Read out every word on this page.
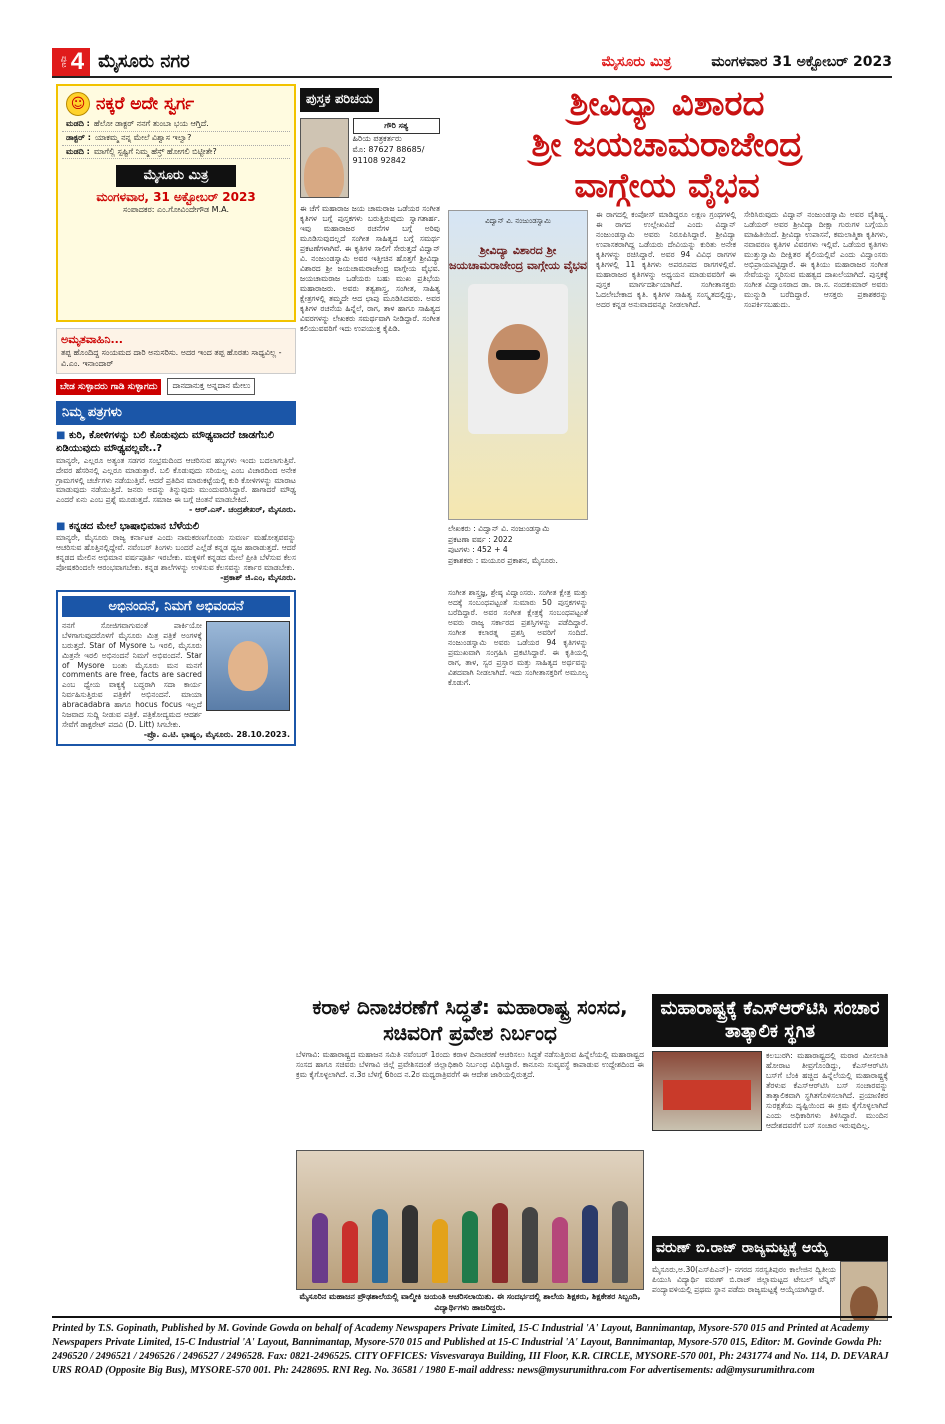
ಪುಟ 4 ಮೈಸೂರು ನಗರ	ಮೈಸೂರು ಮಿತ್ರ	ಮಂಗಳವಾರ 31 ಅಕ್ಟೋಬರ್ 2023
☺ ನಕ್ಕರೆ ಅದೇ ಸ್ವರ್ಗ
ಮಡದಿ : ಹೆಲೋ ಡಾಕ್ಟರ್ ನನಗೆ ತುಂಬಾ ಭಯ ಆಗ್ತಿದೆ.
ಡಾಕ್ಟರ್ : ಯಾಕಮ್ಮ ನನ್ನ ಮೇಲೆ ವಿಶ್ವಾಸ ಇಲ್ವಾ?
ಮಡದಿ : ಮಾಗೆಲ್ಲಿ ಸ್ಪಷ್ಟಿಗೆ ನಿಮ್ಮ ಹೆಸ್ರ್ ಹೋಗಲಿ ಬಿಟ್ಟೀತೇ?
ಮೈಸೂರು ಮಿತ್ರ
ಮಂಗಳವಾರ, 31 ಅಕ್ಟೋಬರ್ 2023
ಸಂಪಾದಕರ: ಎಂ.ಗೋವಿಂದೇಗೌಡ M.A.
ಅಮೃತವಾಹಿನಿ...
ತಪ್ಪ ಹೊಂದಿದ್ದ ಸಂಯಮದ ದಾರಿ ಅನುಸರಿಸು. ಅದರ ಇಂದ ತಪ್ಪ ಹೊರತು ಸಾಧ್ಯವಿಲ್ಲ - ವಿ.ಎಂ. ಇನಾಂದಾರ್
ಬೇಡ ಸುಳ್ಳಾದರು ಗಾಡಿ ಸುಳ್ಳಾಗದು	ದಾನದಾನುಕ್ತ ಅನ್ನದಾನ ಮೇಲು
ನಿಮ್ಮ ಪತ್ರಗಳು
■ ಕುರಿ, ಕೋಳಿಗಳನ್ನು ಬಲಿ ಕೊಡುವುದು ಮೌಢ್ಯವಾದರೆ ಜಾಡಗೆಬಲಿ ಏಡಿಯುವುದು ಮೌಢ್ಯವಲ್ಲವೇ..?
ಮಾನ್ಯರೇ, ಎಲ್ಲರೂ ಅತ್ಯಂತ ಸಡಗರ ಸಂಭ್ರಮದಿಂದ ಆಚರಿಸುವ ಹಬ್ಬಗಳು ಇಂದು ಬದಲಾಗುತ್ತಿವೆ. ದೇವರ ಹೆಸರಿನಲ್ಲಿ ಎಲ್ಲರೂ ಮಾಡುತ್ತಾರೆ. ಬಲಿ ಕೊಡುವುದು ಸರಿಯಲ್ಲ ಎಂಬ ವಿಚಾರದಿಂದ ಅನೇಕ ಗ್ರಾಮಗಳಲ್ಲಿ ಚರ್ಚೆಗಳು ನಡೆಯುತ್ತಿವೆ. ಆದರೆ ಪ್ರತಿದಿನ ಮಾರುಕಟ್ಟೆಯಲ್ಲಿ ಕುರಿ ಕೋಳಿಗಳನ್ನು ಮಾರಾಟ ಮಾಡುವುದು ನಡೆಯುತ್ತಿದೆ. ಜನರು ಅದನ್ನು ತಿನ್ನುವುದು ಮುಂದುವರಿಸಿದ್ದಾರೆ. ಹಾಗಾದರೆ ಮೌಢ್ಯ ಎಂದರೆ ಏನು ಎಂಬ ಪ್ರಶ್ನೆ ಮೂಡುತ್ತದೆ. ಸಮಾಜ ಈ ಬಗ್ಗೆ ಚಿಂತನೆ ಮಾಡಬೇಕಿದೆ.
- ಆರ್.ಎಸ್. ಚಂದ್ರಶೇಖರ್, ಮೈಸೂರು.
■ ಕನ್ನಡದ ಮೇಲೆ ಭಾಷಾಭಿಮಾನ ಬೆಳೆಯಲಿ
ಮಾನ್ಯರೇ, ಮೈಸೂರು ರಾಜ್ಯ ಕರ್ನಾಟಕ ಎಂದು ನಾಮಕರಣಗೊಂಡು ಸುವರ್ಣ ಮಹೋತ್ಸವವನ್ನು ಆಚರಿಸುವ ಹೊತ್ತಿನಲ್ಲಿದ್ದೇವೆ. ನವೆಂಬರ್ ತಿಂಗಳು ಬಂದರೆ ಎಲ್ಲೆಡೆ ಕನ್ನಡ ಧ್ವಜ ಹಾರಾಡುತ್ತದೆ. ಆದರೆ ಕನ್ನಡದ ಮೇಲಿನ ಅಭಿಮಾನ ವರ್ಷಪೂರ್ತಿ ಇರಬೇಕು. ಮಕ್ಕಳಿಗೆ ಕನ್ನಡದ ಮೇಲೆ ಪ್ರೀತಿ ಬೆಳೆಸುವ ಕೆಲಸ ಪೋಷಕರಿಂದಲೇ ಆರಂಭವಾಗಬೇಕು. ಕನ್ನಡ ಶಾಲೆಗಳನ್ನು ಉಳಿಸುವ ಕೆಲಸವನ್ನು ಸರ್ಕಾರ ಮಾಡಬೇಕು.
-ಪ್ರಕಾಶ್ ಜಿ.ಎಂ, ಮೈಸೂರು.
ಅಭಿನಂದನೆ, ನಿಮಗೆ ಅಭಿವಂದನೆ
ನನಗೆ ಸೋಜಿಗವಾಗುವಂತೆ ಪಾರ್ಕಿಯೋ ಬೆಳಗಾಗುವುದರೊಳಗೆ ಮೈಸೂರು ಮಿತ್ರ ಪತ್ರಿಕೆ ಅಂಗಳಕ್ಕೆ ಬರುತ್ತದೆ. Star of Mysore ಓ ಇರಲಿ, ಮೈಸೂರು ಮಿತ್ರನೇ ಇರಲಿ ಅಭಿನಂದನೆ ನಿಮಗೆ ಅಭಿವಂದನೆ. Star of Mysore ಬಂತು ಮೈಸೂರು ಮನ ಮನಗೆ comments are free, facts are sacred ಎಂಬ ಧ್ಯೇಯ ವಾಕ್ಯಕ್ಕೆ ಬದ್ಧರಾಗಿ ಸದಾ ಕಾರ್ಯ ನಿರ್ವಹಿಸುತ್ತಿರುವ ಪತ್ರಿಕೆಗೆ ಅಭಿನಂದನೆ. ಮಾಯಾ abracadabra ಹಾಗೂ hocus focus ಇಲ್ಲದೆ ನಿಜವಾದ ಸುದ್ದಿ ನೀಡುವ ಪತ್ರಿಕೆ. ಪತ್ರಿಕೋದ್ಯಮದ ಆದರ್ಶ ಸೇವೆಗೆ ಡಾಕ್ಟರೇಟ್ ಪದವಿ (D. Litt) ಸಿಗಬೇಕು.
-ಪ್ರೊ. ಎ.ಟಿ. ಭಾಷ್ಯಂ, ಮೈಸೂರು. 28.10.2023.
ಪುಸ್ತಕ ಪರಿಚಯ
ಗೌರಿ ಸತ್ಯ
ಹಿರಿಯ ಪತ್ರಕರ್ತರು
ಮೊ: 87627 88685/ 91108 92842
ಈ ಚೆಗೆ ಮಹಾರಾಜ ಜಯ ಚಾಮರಾಜ ಒಡೆಯರ ಸಂಗೀತ ಕೃತಿಗಳ ಬಗ್ಗೆ ಪುಸ್ತಕಗಳು ಬರುತ್ತಿರುವುದು ಸ್ವಾಗತಾರ್ಹ. ಇವು ಮಹಾರಾಜರ ರಚನೆಗಳ ಬಗ್ಗೆ ಅರಿವು ಮೂಡಿಸುವುದಲ್ಲದೆ ಸಂಗೀತ ಸಾಹಿತ್ಯದ ಬಗ್ಗೆ ಸಮರ್ಥ ಪ್ರಕಟಣೆಗಳಾಗಿವೆ. ಈ ಕೃತಿಗಳ ಸಾಲಿಗೆ ಸೇರುತ್ತದೆ ವಿದ್ವಾನ್ ವಿ. ನಂಜುಂಡಸ್ವಾಮಿ ಅವರ ಇತ್ತೀಚಿನ ಹೊತ್ತಗೆ ಶ್ರೀವಿದ್ಯಾ ವಿಶಾರದ ಶ್ರೀ ಜಯಚಾಮರಾಜೇಂದ್ರ ವಾಗ್ಗೇಯ ವೈಭವ. ಜಯಚಾಮರಾಜ ಒಡೆಯರು ಬಹು ಮುಖ ಪ್ರತಿಭೆಯ ಮಹಾರಾಜರು. ಅವರು ತತ್ವಶಾಸ್ತ್ರ, ಸಂಗೀತ, ಸಾಹಿತ್ಯ ಕ್ಷೇತ್ರಗಳಲ್ಲಿ ತಮ್ಮದೇ ಆದ ಛಾಪು ಮೂಡಿಸಿದವರು. ಅವರ ಕೃತಿಗಳ ರಚನೆಯ ಹಿನ್ನೆಲೆ, ರಾಗ, ತಾಳ ಹಾಗೂ ಸಾಹಿತ್ಯದ ವಿವರಗಳನ್ನು ಲೇಖಕರು ಸಮರ್ಥವಾಗಿ ನೀಡಿದ್ದಾರೆ. ಸಂಗೀತ ಕಲಿಯುವವರಿಗೆ ಇದು ಉಪಯುಕ್ತ ಕೈಪಿಡಿ.
ಶ್ರೀವಿದ್ಯಾ ವಿಶಾರದ
ಶ್ರೀ ಜಯಚಾಮರಾಜೇಂದ್ರ
ವಾಗ್ಗೇಯ ವೈಭವ
ವಿದ್ವಾನ್ ವಿ. ನಂಜುಂಡಸ್ವಾಮಿ
ಶ್ರೀವಿದ್ಯಾ ವಿಶಾರದ ಶ್ರೀ ಜಯಚಾಮರಾಜೇಂದ್ರ ವಾಗ್ಗೇಯ ವೈಭವ
ಲೇಖಕರು : ವಿದ್ವಾನ್ ವಿ. ನಂಜುಂಡಸ್ವಾಮಿ
ಪ್ರಕಟಣಾ ವರ್ಷ : 2022
ಪುಟಗಳು : 452 + 4
ಪ್ರಕಾಶಕರು : ಮಯೂರ ಪ್ರಕಾಶನ, ಮೈಸೂರು.
ಸಂಗೀತ ಶಾಸ್ತ್ರಜ್ಞ, ಶ್ರೇಷ್ಠ ವಿದ್ವಾಂಸರು. ಸಂಗೀತ ಕ್ಷೇತ್ರ ಮತ್ತು ಅದಕ್ಕೆ ಸಂಬಂಧಪಟ್ಟಂತೆ ಸುಮಾರು 50 ಪುಸ್ತಕಗಳನ್ನು ಬರೆದಿದ್ದಾರೆ. ಅವರ ಸಂಗೀತ ಕ್ಷೇತ್ರಕ್ಕೆ ಸಂಬಂಧಪಟ್ಟಂತೆ ಅವರು ರಾಜ್ಯ ಸರ್ಕಾರದ ಪ್ರಶಸ್ತಿಗಳನ್ನು ಪಡೆದಿದ್ದಾರೆ. ಸಂಗೀತ ಕಲಾರತ್ನ ಪ್ರಶಸ್ತಿ ಅವರಿಗೆ ಸಂದಿದೆ. ನಂಜುಂಡಸ್ವಾಮಿ ಅವರು ಒಡೆಯರ 94 ಕೃತಿಗಳನ್ನು ಪ್ರಮುಖವಾಗಿ ಸಂಗ್ರಹಿಸಿ ಪ್ರಕಟಿಸಿದ್ದಾರೆ. ಈ ಕೃತಿಯಲ್ಲಿ ರಾಗ, ತಾಳ, ಸ್ವರ ಪ್ರಸ್ತಾರ ಮತ್ತು ಸಾಹಿತ್ಯದ ಅರ್ಥವನ್ನು ವಿಶದವಾಗಿ ನೀಡಲಾಗಿದೆ. ಇದು ಸಂಗೀತಾಸಕ್ತರಿಗೆ ಅಮೂಲ್ಯ ಕೊಡುಗೆ.
ಈ ರಾಗದಲ್ಲಿ ಕಂಪೋಸ್ ಮಾಡಿದ್ದರೂ ಲಕ್ಷಣ ಗ್ರಂಥಗಳಲ್ಲಿ ಈ ರಾಗದ ಉಲ್ಲೇಖವಿದೆ ಎಂದು ವಿದ್ವಾನ್ ನಂಜುಂಡಸ್ವಾಮಿ ಅವರು ನಿರೂಪಿಸಿದ್ದಾರೆ. ಶ್ರೀವಿದ್ಯಾ ಉಪಾಸಕರಾಗಿದ್ದ ಒಡೆಯರು ದೇವಿಯನ್ನು ಕುರಿತು ಅನೇಕ ಕೃತಿಗಳನ್ನು ರಚಿಸಿದ್ದಾರೆ. ಅವರ 94 ವಿವಿಧ ರಾಗಗಳ ಕೃತಿಗಳಲ್ಲಿ 11 ಕೃತಿಗಳು ಅಪರೂಪದ ರಾಗಗಳಲ್ಲಿವೆ. ಮಹಾರಾಜರ ಕೃತಿಗಳನ್ನು ಅಧ್ಯಯನ ಮಾಡುವವರಿಗೆ ಈ ಪುಸ್ತಕ ಮಾರ್ಗದರ್ಶಿಯಾಗಿದೆ. ಸಂಗೀತಾಸಕ್ತರು ಓದಲೇಬೇಕಾದ ಕೃತಿ. ಕೃತಿಗಳ ಸಾಹಿತ್ಯ ಸಂಸ್ಕೃತದಲ್ಲಿದ್ದು, ಅದರ ಕನ್ನಡ ಅನುವಾದವನ್ನೂ ನೀಡಲಾಗಿದೆ.
ಸೇರಿಸಿರುವುದು ವಿದ್ವಾನ್ ನಂಜುಂಡಸ್ವಾಮಿ ಅವರ ವೈಶಿಷ್ಟ್ಯ. ಒಡೆಯರ್ ಅವರ ಶ್ರೀವಿದ್ಯಾ ದೀಕ್ಷಾ ಗುರುಗಳ ಬಗ್ಗೆಯೂ ಮಾಹಿತಿಯಿದೆ. ಶ್ರೀವಿದ್ಯಾ ಉಪಾಸನೆ, ಕಮಲಾತ್ಮಿಕಾ ಕೃತಿಗಳು, ನವಾವರಣ ಕೃತಿಗಳ ವಿವರಗಳು ಇಲ್ಲಿವೆ. ಒಡೆಯರ ಕೃತಿಗಳು ಮುತ್ತುಸ್ವಾಮಿ ದೀಕ್ಷಿತರ ಶೈಲಿಯಲ್ಲಿವೆ ಎಂದು ವಿದ್ವಾಂಸರು ಅಭಿಪ್ರಾಯಪಟ್ಟಿದ್ದಾರೆ. ಈ ಕೃತಿಯು ಮಹಾರಾಜರ ಸಂಗೀತ ಸೇವೆಯನ್ನು ಸ್ಮರಿಸುವ ಮಹತ್ವದ ದಾಖಲೆಯಾಗಿದೆ. ಪುಸ್ತಕಕ್ಕೆ ಸಂಗೀತ ವಿದ್ವಾಂಸರಾದ ಡಾ. ರಾ.ಸ. ನಂದಕುಮಾರ್ ಅವರು ಮುನ್ನುಡಿ ಬರೆದಿದ್ದಾರೆ. ಆಸಕ್ತರು ಪ್ರಕಾಶಕರನ್ನು ಸಂಪರ್ಕಿಸಬಹುದು.
ಕರಾಳ ದಿನಾಚರಣೆಗೆ ಸಿದ್ಧತೆ: ಮಹಾರಾಷ್ಟ್ರ ಸಂಸದ, ಸಚಿವರಿಗೆ ಪ್ರವೇಶ ನಿರ್ಬಂಧ
ಬೆಳಗಾವಿ: ಮಹಾರಾಷ್ಟ್ರದ ಮಹಾಜನ ಸಮಿತಿ ನವೆಂಬರ್ 1ರಂದು ಕರಾಳ ದಿನಾಚರಣೆ ಆಚರಿಸಲು ಸಿದ್ಧತೆ ನಡೆಸುತ್ತಿರುವ ಹಿನ್ನೆಲೆಯಲ್ಲಿ ಮಹಾರಾಷ್ಟ್ರದ ಸಂಸದ ಹಾಗೂ ಸಚಿವರು ಬೆಳಗಾವಿ ಜಿಲ್ಲೆ ಪ್ರವೇಶಿಸದಂತೆ ಜಿಲ್ಲಾಧಿಕಾರಿ ನಿರ್ಬಂಧ ವಿಧಿಸಿದ್ದಾರೆ. ಕಾನೂನು ಸುವ್ಯವಸ್ಥೆ ಕಾಪಾಡುವ ಉದ್ದೇಶದಿಂದ ಈ ಕ್ರಮ ಕೈಗೊಳ್ಳಲಾಗಿದೆ. ನ.3ರ ಬೆಳಗ್ಗೆ 6ರಿಂದ ನ.2ರ ಮಧ್ಯರಾತ್ರಿವರೆಗೆ ಈ ಆದೇಶ ಜಾರಿಯಲ್ಲಿರುತ್ತದೆ.
ಮೈಸೂರಿನ ಮಹಾಜನ ಪ್ರೌಢಶಾಲೆಯಲ್ಲಿ ವಾಲ್ಮೀಕಿ ಜಯಂತಿ ಆಚರಿಸಲಾಯಿತು. ಈ ಸಂದರ್ಭದಲ್ಲಿ ಶಾಲೆಯ ಶಿಕ್ಷಕರು, ಶಿಕ್ಷಕೇತರ ಸಿಬ್ಬಂದಿ, ವಿದ್ಯಾರ್ಥಿಗಳು ಹಾಜರಿದ್ದರು.
ಮಹಾರಾಷ್ಟ್ರಕ್ಕೆ ಕೆಎಸ್‌ಆರ್‌ಟಿಸಿ ಸಂಚಾರ ತಾತ್ಕಾಲಿಕ ಸ್ಥಗಿತ
ಕಲಬುರಗಿ: ಮಹಾರಾಷ್ಟ್ರದಲ್ಲಿ ಮರಾಠ ಮೀಸಲಾತಿ ಹೋರಾಟ ತೀವ್ರಗೊಂಡಿದ್ದು, ಕೆಎಸ್‌ಆರ್‌ಟಿಸಿ ಬಸ್‌ಗೆ ಬೆಂಕಿ ಹಚ್ಚಿದ ಹಿನ್ನೆಲೆಯಲ್ಲಿ ಮಹಾರಾಷ್ಟ್ರಕ್ಕೆ ತೆರಳುವ ಕೆಎಸ್‌ಆರ್‌ಟಿಸಿ ಬಸ್ ಸಂಚಾರವನ್ನು ತಾತ್ಕಾಲಿಕವಾಗಿ ಸ್ಥಗಿತಗೊಳಿಸಲಾಗಿದೆ. ಪ್ರಯಾಣಿಕರ ಸುರಕ್ಷತೆಯ ದೃಷ್ಟಿಯಿಂದ ಈ ಕ್ರಮ ಕೈಗೊಳ್ಳಲಾಗಿದೆ ಎಂದು ಅಧಿಕಾರಿಗಳು ತಿಳಿಸಿದ್ದಾರೆ. ಮುಂದಿನ ಆದೇಶದವರೆಗೆ ಬಸ್ ಸಂಚಾರ ಇರುವುದಿಲ್ಲ.
ವರುಣ್ ಬಿ.ರಾಜ್ ರಾಜ್ಯಮಟ್ಟಕ್ಕೆ ಆಯ್ಕೆ
ಮೈಸೂರು,ಅ.30(ಎಸ್‌ಪಿಎನ್)- ನಗರದ ಸರಸ್ವತಿಪುರಂ ಕಾಲೇಜಿನ ದ್ವಿತೀಯ ಪಿಯುಸಿ ವಿದ್ಯಾರ್ಥಿ ವರುಣ್ ಬಿ.ರಾಜ್ ಜಿಲ್ಲಾಮಟ್ಟದ ಟೇಬಲ್ ಟೆನ್ನಿಸ್ ಪಂದ್ಯಾವಳಿಯಲ್ಲಿ ಪ್ರಥಮ ಸ್ಥಾನ ಪಡೆದು ರಾಜ್ಯಮಟ್ಟಕ್ಕೆ ಆಯ್ಕೆಯಾಗಿದ್ದಾರೆ.
Printed by T.S. Gopinath, Published by M. Govinde Gowda on behalf of Academy Newspapers Private Limited, 15-C Industrial 'A' Layout, Bannimantap, Mysore-570 015 and Printed at Academy Newspapers Private Limited, 15-C Industrial 'A' Layout, Bannimantap, Mysore-570 015 and Published at 15-C Industrial 'A' Layout, Bannimantap, Mysore-570 015, Editor: M. Govinde Gowda Ph: 2496520 / 2496521 / 2496526 / 2496527 / 2496528. Fax: 0821-2496525. CITY OFFICES: Visvesvaraya Building, III Floor, K.R. CIRCLE, MYSORE-570 001, Ph: 2431774 and No. 114, D. DEVARAJ URS ROAD (Opposite Big Bus), MYSORE-570 001. Ph: 2428695. RNI Reg. No. 36581 / 1980 E-mail address: news@mysurumithra.com For advertisements: ad@mysurumithra.com
